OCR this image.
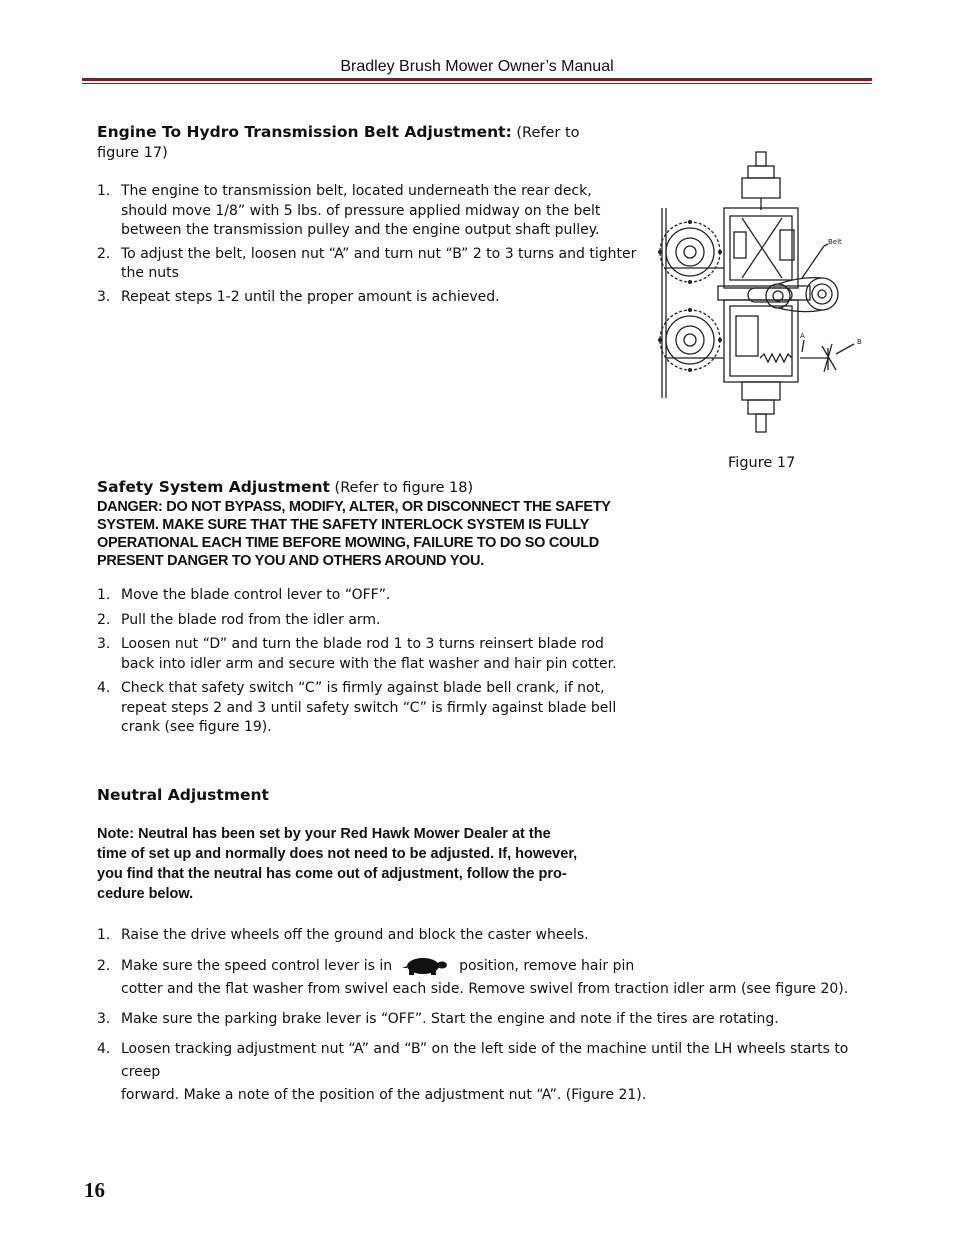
Bradley Brush Mower Owner’s Manual
Engine To Hydro Transmission Belt Adjustment: (Refer to
figure 17)
1. The engine to transmission belt, located underneath the rear deck,
should move 1/8” with 5 lbs. of pressure applied midway on the belt
between the transmission pulley and the engine output shaft pulley.
2. To adjust the belt, loosen nut “A” and turn nut “B” 2 to 3 turns and tighter
the nuts
3. Repeat steps 1-2 until the proper amount is achieved.
Belt
A
B
Figure 17
Safety System Adjustment (Refer to figure 18)
DANGER: DO NOT BYPASS, MODIFY, ALTER, OR DISCONNECT THE SAFETY
SYSTEM. MAKE SURE THAT THE SAFETY INTERLOCK SYSTEM IS FULLY
OPERATIONAL EACH TIME BEFORE MOWING, FAILURE TO DO SO COULD
PRESENT DANGER TO YOU AND OTHERS AROUND YOU.
1. Move the blade control lever to “OFF”.
2. Pull the blade rod from the idler arm.
3. Loosen nut “D” and turn the blade rod 1 to 3 turns reinsert blade rod
back into idler arm and secure with the flat washer and hair pin cotter.
4. Check that safety switch “C” is firmly against blade bell crank, if not,
repeat steps 2 and 3 until safety switch “C” is firmly against blade bell
crank (see figure 19).
Neutral Adjustment
Note: Neutral has been set by your Red Hawk Mower Dealer at the
time of set up and normally does not need to be adjusted. If, however,
you find that the neutral has come out of adjustment, follow the pro-
cedure below.
1. Raise the drive wheels off the ground and block the caster wheels.
2. Make sure the speed control lever is in	position, remove hair pin
cotter and the flat washer from swivel each side. Remove swivel from traction idler arm (see figure 20).
3. Make sure the parking brake lever is “OFF”. Start the engine and note if the tires are rotating.
4. Loosen tracking adjustment nut “A” and “B” on the left side of the machine until the LH wheels starts to creep
forward. Make a note of the position of the adjustment nut “A”. (Figure 21).
16
